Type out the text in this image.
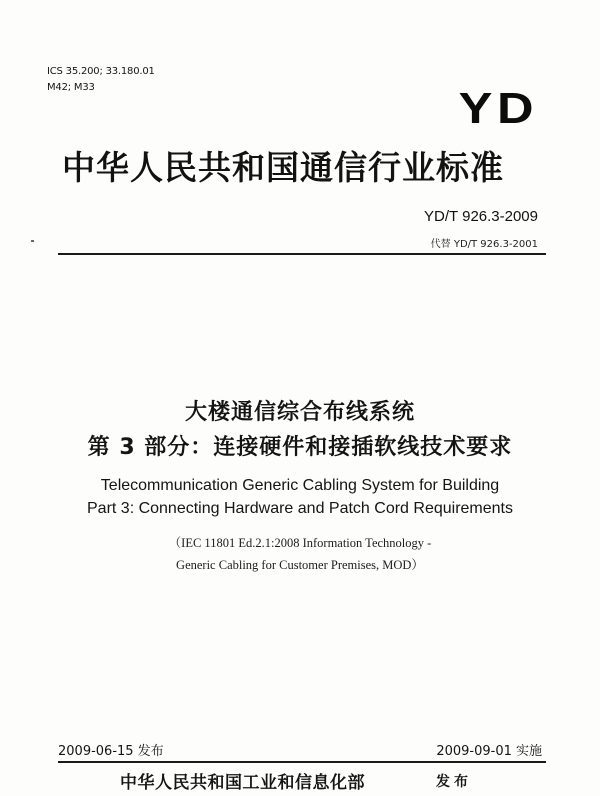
ICS 35.200; 33.180.01
M42; M33	YD
中华人民共和国通信行业标准
YD/T 926.3-2009
代替 YD/T 926.3-2001
大楼通信综合布线系统
第 3 部分：连接硬件和接插软线技术要求
Telecommunication Generic Cabling System for Building
Part 3: Connecting Hardware and Patch Cord Requirements
（IEC 11801 Ed.2.1:2008 Information Technology -
Generic Cabling for Customer Premises, MOD）
2009-06-15 发布	2009-09-01 实施
中华人民共和国工业和信息化部	发布
